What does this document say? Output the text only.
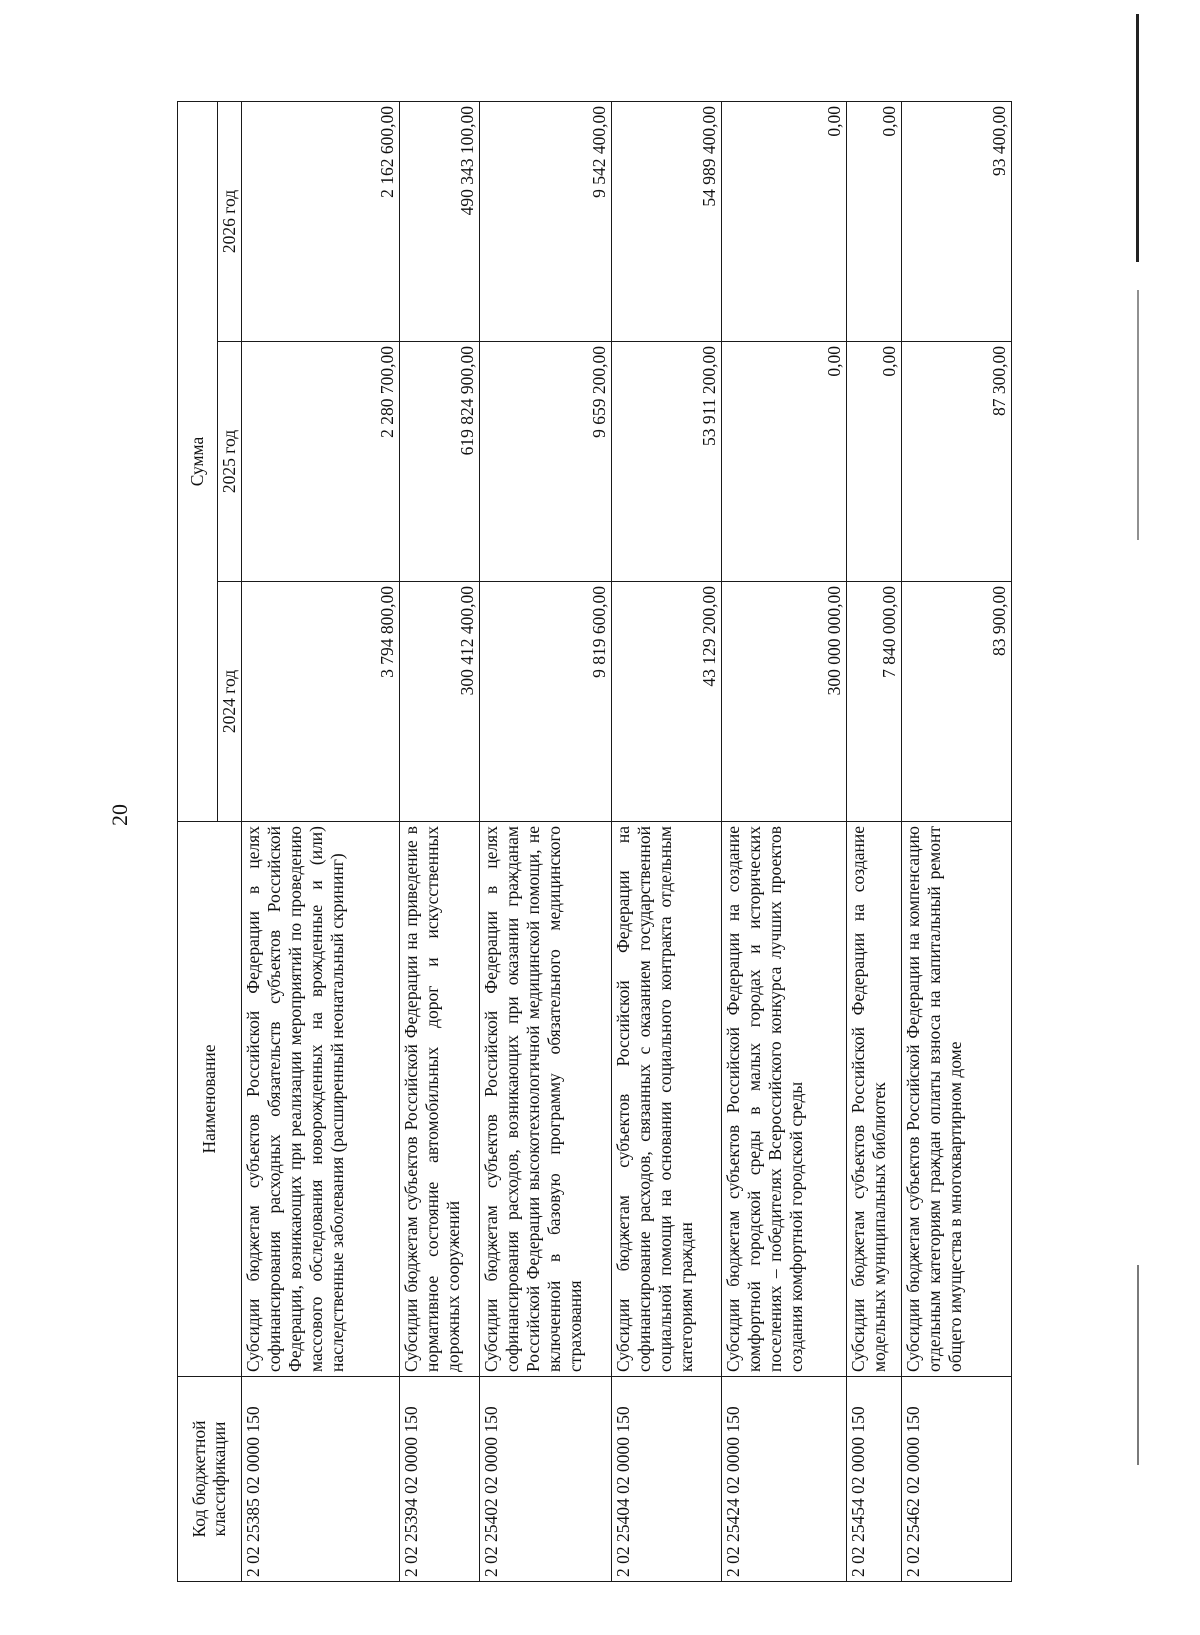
20
Код бюджетной классификации	Наименование	Сумма		
		2024 год	2025 год	2026 год
2 02 25385 02 0000 150	Субсидии бюджетам субъектов Российской Федерации в целях софинансирования расходных обязательств субъектов Российской Федерации, возникающих при реализации мероприятий по проведению массового обследования новорожденных на врожденные и (или) наследственные заболевания (расширенный неонатальный скрининг)	3 794 800,00	2 280 700,00	2 162 600,00
2 02 25394 02 0000 150	Субсидии бюджетам субъектов Российской Федерации на приведение в нормативное состояние автомобильных дорог и искусственных дорожных сооружений	300 412 400,00	619 824 900,00	490 343 100,00
2 02 25402 02 0000 150	Субсидии бюджетам субъектов Российской Федерации в целях софинансирования расходов, возникающих при оказании гражданам Российской Федерации высокотехнологичной медицинской помощи, не включенной в базовую программу обязательного медицинского страхования	9 819 600,00	9 659 200,00	9 542 400,00
2 02 25404 02 0000 150	Субсидии бюджетам субъектов Российской Федерации на софинансирование расходов, связанных с оказанием государственной социальной помощи на основании социального контракта отдельным категориям граждан	43 129 200,00	53 911 200,00	54 989 400,00
2 02 25424 02 0000 150	Субсидии бюджетам субъектов Российской Федерации на создание комфортной городской среды в малых городах и исторических поселениях – победителях Всероссийского конкурса лучших проектов создания комфортной городской среды	300 000 000,00	0,00	0,00
2 02 25454 02 0000 150	Субсидии бюджетам субъектов Российской Федерации на создание модельных муниципальных библиотек	7 840 000,00	0,00	0,00
2 02 25462 02 0000 150	Субсидии бюджетам субъектов Российской Федерации на компенсацию отдельным категориям граждан оплаты взноса на капитальный ремонт общего имущества в многоквартирном доме	83 900,00	87 300,00	93 400,00
